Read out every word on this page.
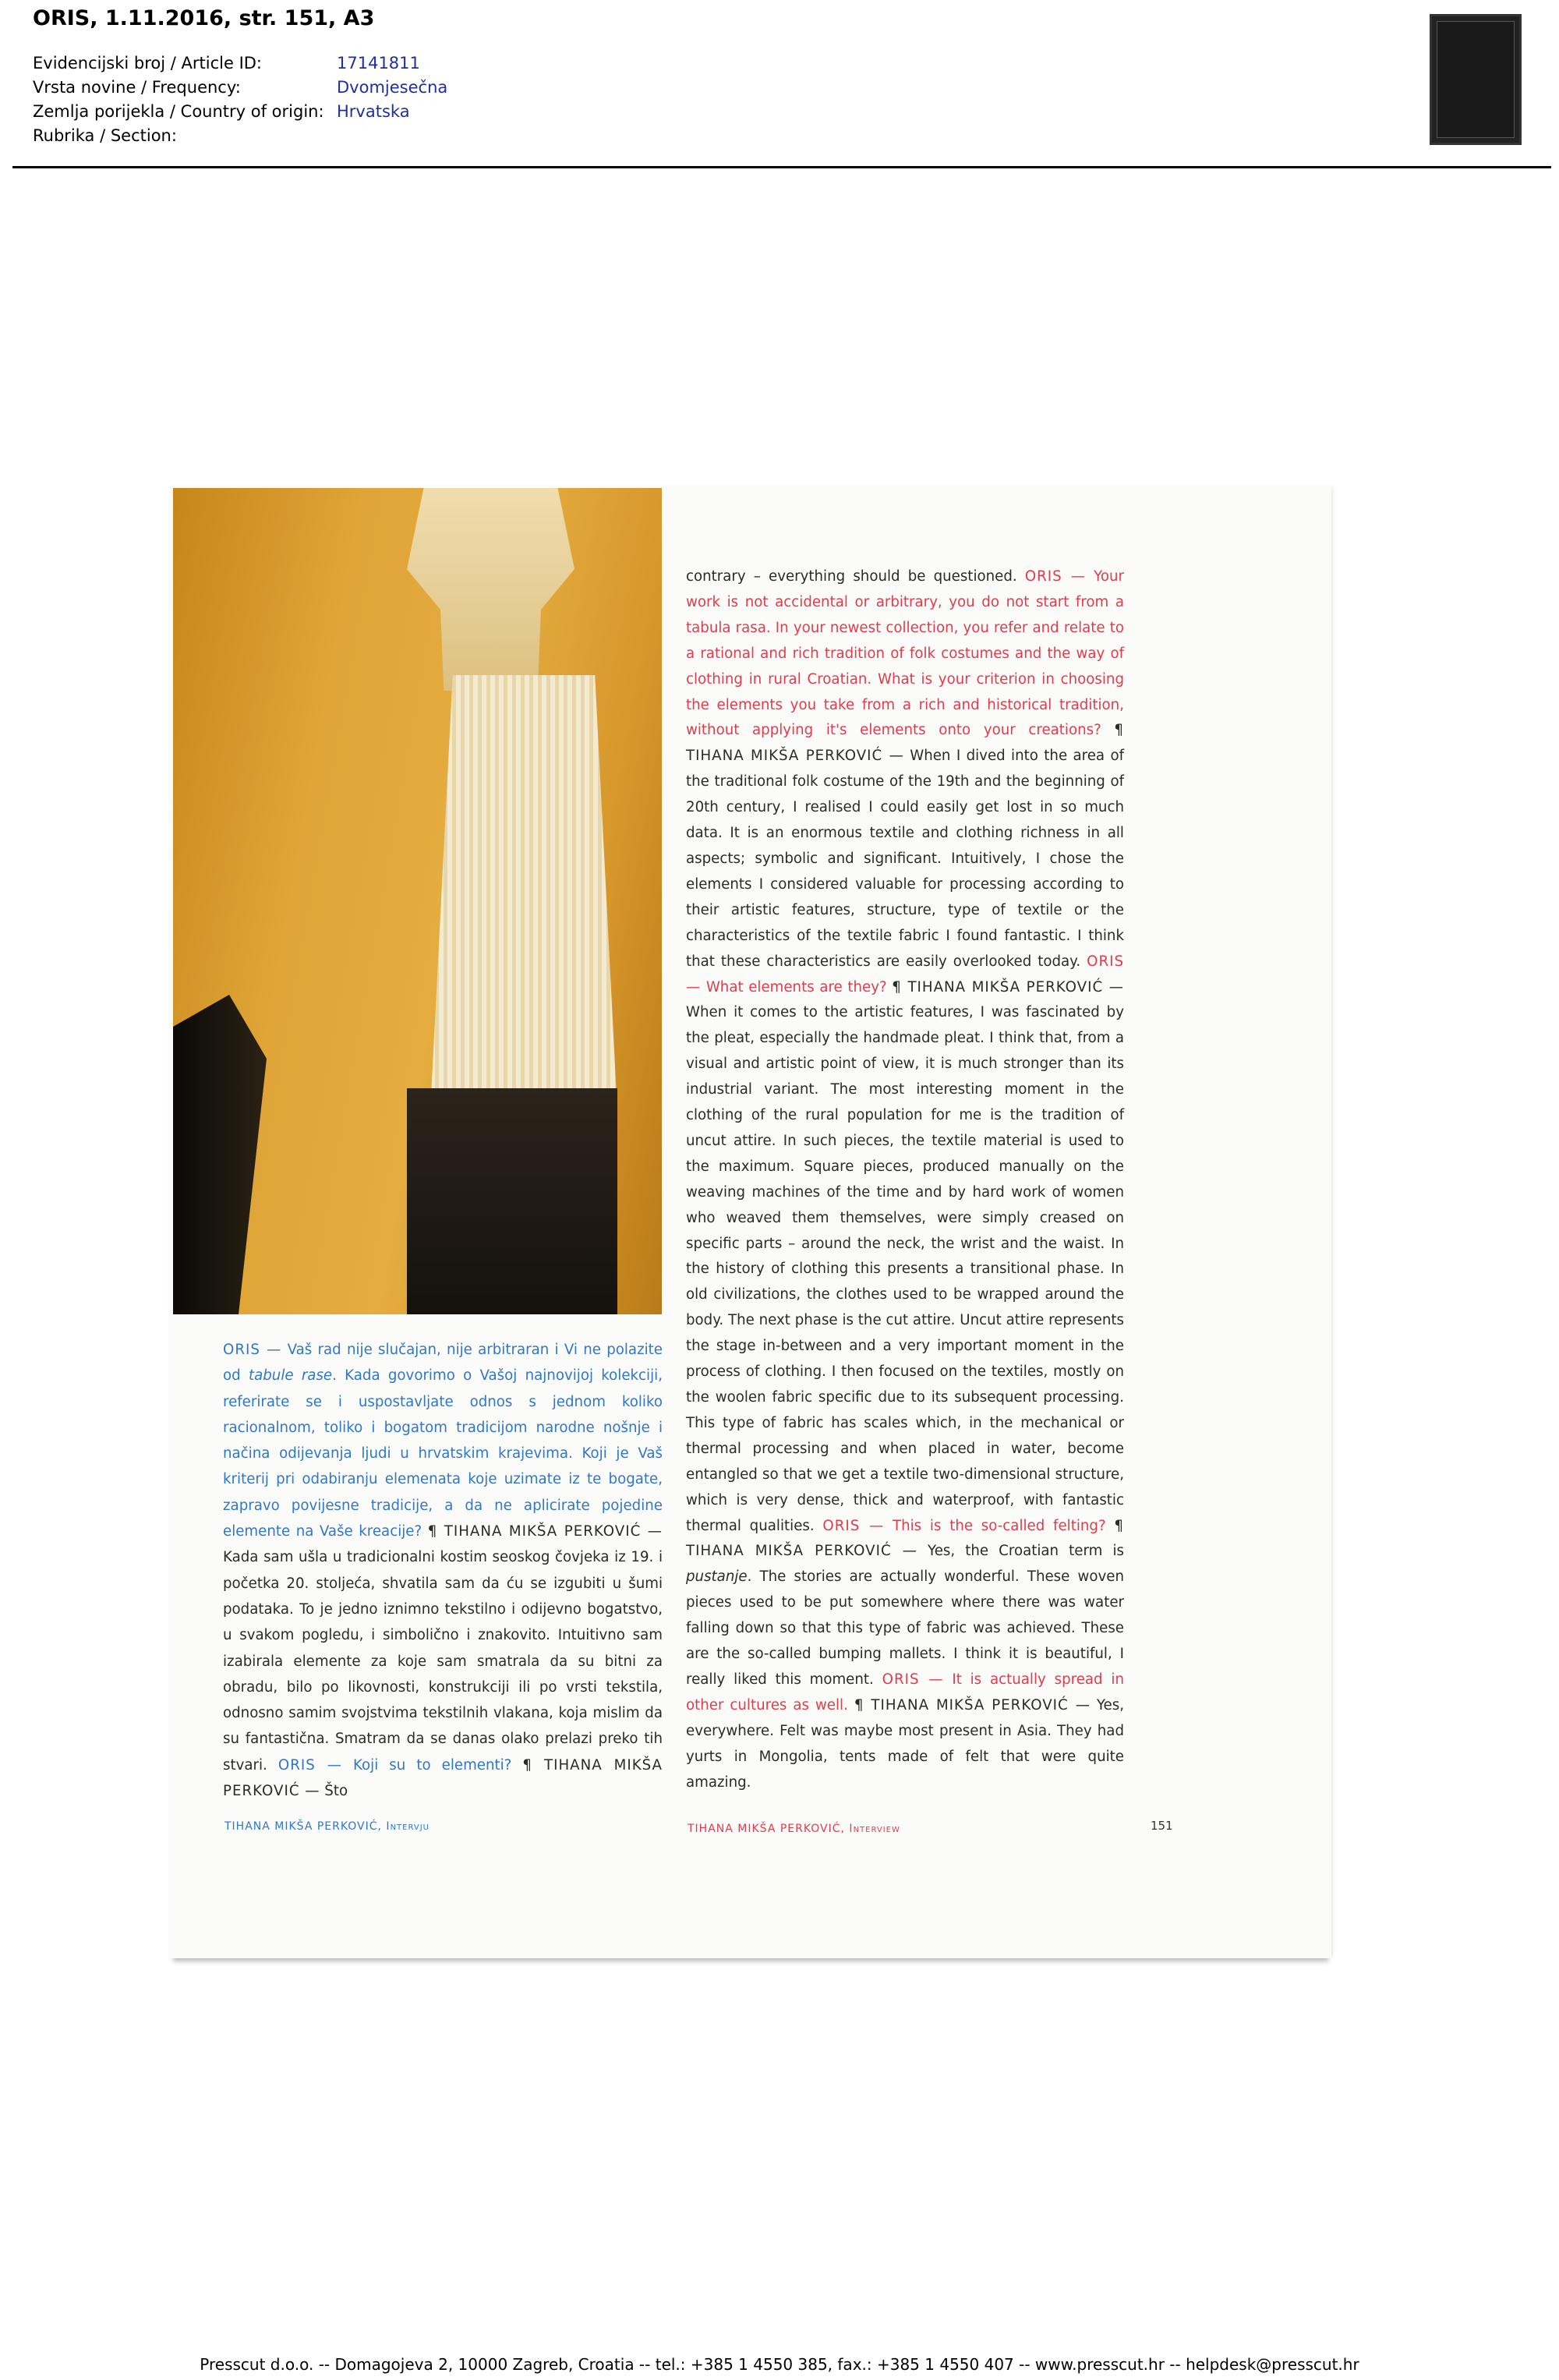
ORIS, 1.11.2016, str. 151, A3
Evidencijski broj / Article ID:	17141811
Vrsta novine / Frequency:	Dvomjesečna
Zemlja porijekla / Country of origin: Hrvatska
Rubrika / Section:
ORIS — Vaš rad nije slučajan, nije arbitraran i Vi ne polazite od tabule rase. Kada govorimo o Vašoj najnovijoj kolekciji, referirate se i uspostavljate odnos s jednom koliko racionalnom, toliko i bogatom tradicijom narodne nošnje i načina odijevanja ljudi u hrvatskim krajevima. Koji je Vaš kriterij pri odabiranju elemenata koje uzimate iz te bogate, zapravo povijesne tradicije, a da ne aplicirate pojedine elemente na Vaše kreacije? ¶ TIHANA MIKŠA PERKOVIĆ — Kada sam ušla u tradicionalni kostim seoskog čovjeka iz 19. i početka 20. stoljeća, shvatila sam da ću se izgubiti u šumi podataka. To je jedno iznimno tekstilno i odijevno bogatstvo, u svakom pogledu, i simbolično i znakovito. Intuitivno sam izabirala elemente za koje sam smatrala da su bitni za obradu, bilo po likovnosti, konstrukciji ili po vrsti tekstila, odnosno samim svojstvima tekstilnih vlakana, koja mislim da su fantastična. Smatram da se danas olako prelazi preko tih stvari. ORIS — Koji su to elementi? ¶ TIHANA MIKŠA PERKOVIĆ — Što
contrary – everything should be questioned. ORIS — Your work is not accidental or arbitrary, you do not start from a tabula rasa. In your newest collection, you refer and relate to a rational and rich tradition of folk costumes and the way of clothing in rural Croatian. What is your criterion in choosing the elements you take from a rich and historical tradition, without applying it's elements onto your creations? ¶ TIHANA MIKŠA PERKOVIĆ — When I dived into the area of the traditional folk costume of the 19th and the beginning of 20th century, I realised I could easily get lost in so much data. It is an enormous textile and clothing richness in all aspects; symbolic and significant. Intuitively, I chose the elements I considered valuable for processing according to their artistic features, structure, type of textile or the characteristics of the textile fabric I found fantastic. I think that these characteristics are easily overlooked today. ORIS — What elements are they? ¶ TIHANA MIKŠA PERKOVIĆ — When it comes to the artistic features, I was fascinated by the pleat, especially the handmade pleat. I think that, from a visual and artistic point of view, it is much stronger than its industrial variant. The most interesting moment in the clothing of the rural population for me is the tradition of uncut attire. In such pieces, the textile material is used to the maximum. Square pieces, produced manually on the weaving machines of the time and by hard work of women who weaved them themselves, were simply creased on specific parts – around the neck, the wrist and the waist. In the history of clothing this presents a transitional phase. In old civilizations, the clothes used to be wrapped around the body. The next phase is the cut attire. Uncut attire represents the stage in-between and a very important moment in the process of clothing. I then focused on the textiles, mostly on the woolen fabric specific due to its subsequent processing. This type of fabric has scales which, in the mechanical or thermal processing and when placed in water, become entangled so that we get a textile two-dimensional structure, which is very dense, thick and waterproof, with fantastic thermal qualities. ORIS — This is the so-called felting? ¶ TIHANA MIKŠA PERKOVIĆ — Yes, the Croatian term is pustanje. The stories are actually wonderful. These woven pieces used to be put somewhere where there was water falling down so that this type of fabric was achieved. These are the so-called bumping mallets. I think it is beautiful, I really liked this moment. ORIS — It is actually spread in other cultures as well. ¶ TIHANA MIKŠA PERKOVIĆ — Yes, everywhere. Felt was maybe most present in Asia. They had yurts in Mongolia, tents made of felt that were quite amazing.
TIHANA MIKŠA PERKOVIĆ, Intervju	TIHANA MIKŠA PERKOVIĆ, Interview	151
Presscut d.o.o. -- Domagojeva 2, 10000 Zagreb, Croatia -- tel.: +385 1 4550 385, fax.: +385 1 4550 407 -- www.presscut.hr -- helpdesk@presscut.hr
